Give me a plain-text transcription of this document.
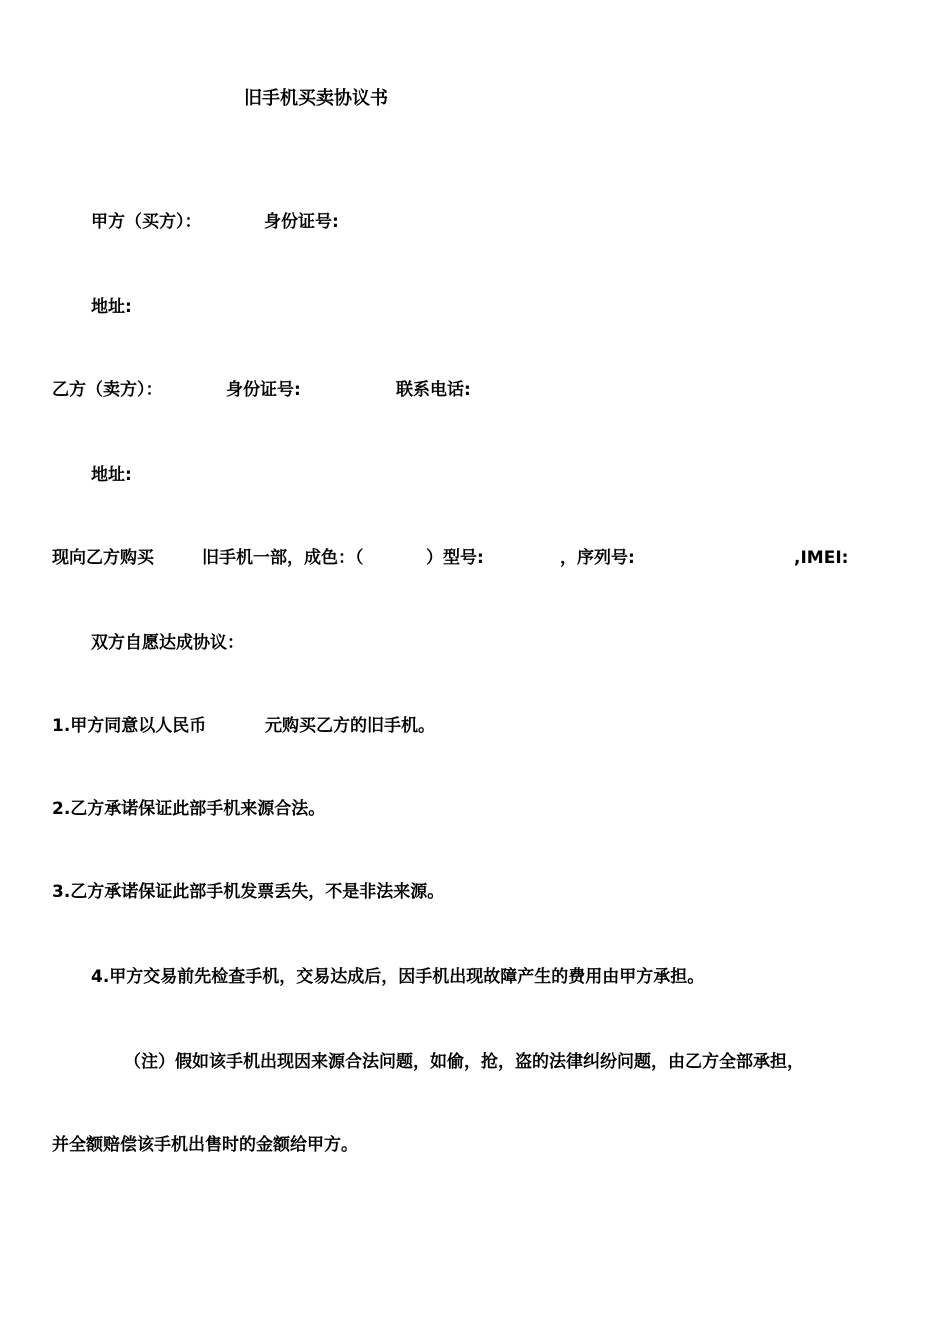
旧手机买卖协议书
甲方（买方）：	身份证号:
地址:
乙方（卖方）：	身份证号:	联系电话:
地址:
现向乙方购买	旧手机一部，成色：（	）型号:	，序列号:	,IMEI:
双方自愿达成协议：
1.甲方同意以人民币	元购买乙方的旧手机。
2.乙方承诺保证此部手机来源合法。
3.乙方承诺保证此部手机发票丢失，不是非法来源。
4.甲方交易前先检查手机，交易达成后，因手机出现故障产生的费用由甲方承担。
（注）假如该手机出现因来源合法问题，如偷，抢，盗的法律纠纷问题，由乙方全部承担，
并全额赔偿该手机出售时的金额给甲方。
